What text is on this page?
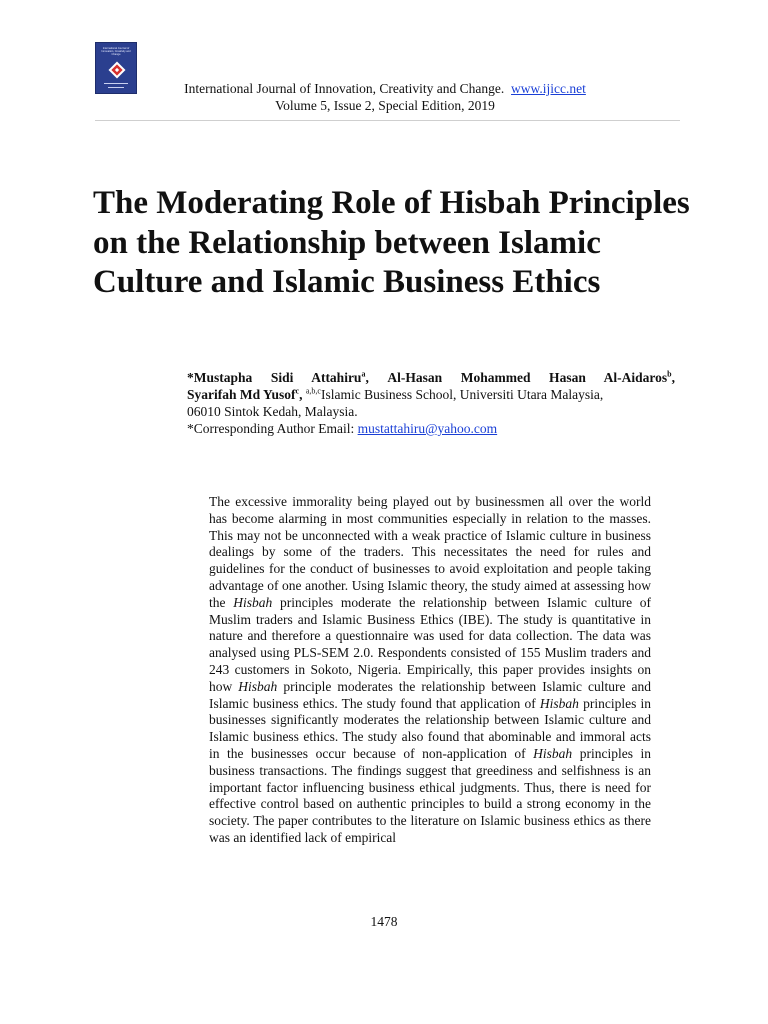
International Journal of Innovation, Creativity and Change
International Journal of Innovation, Creativity and Change. www.ijicc.net
Volume 5, Issue 2, Special Edition, 2019
The Moderating Role of Hisbah Principles on the Relationship between Islamic Culture and Islamic Business Ethics
*Mustapha Sidi Attahiru$^a$, Al-Hasan Mohammed Hasan Al-Aidaros$^b$,
Syarifah Md Yusof$^c$, $^{a,b,c}$Islamic Business School, Universiti Utara Malaysia,
06010 Sintok Kedah, Malaysia.
*Corresponding Author Email: mustattahiru@yahoo.com

The excessive immorality being played out by businessmen all over the world has become alarming in most communities especially in relation to the masses. This may not be unconnected with a weak practice of Islamic culture in business dealings by some of the traders. This necessitates the need for rules and guidelines for the conduct of businesses to avoid exploitation and people taking advantage of one another. Using Islamic theory, the study aimed at assessing how the Hisbah principles moderate the relationship between Islamic culture of Muslim traders and Islamic Business Ethics (IBE). The study is quantitative in nature and therefore a questionnaire was used for data collection. The data was analysed using PLS-SEM 2.0. Respondents consisted of 155 Muslim traders and 243 customers in Sokoto, Nigeria. Empirically, this paper provides insights on how Hisbah principle moderates the relationship between Islamic culture and Islamic business ethics. The study found that application of Hisbah principles in businesses significantly moderates the relationship between Islamic culture and Islamic business ethics. The study also found that abominable and immoral acts in the businesses occur because of non-application of Hisbah principles in business transactions. The findings suggest that greediness and selfishness is an important factor influencing business ethical judgments. Thus, there is need for effective control based on authentic principles to build a strong economy in the society. The paper contributes to the literature on Islamic business ethics as there was an identified lack of empirical

1478
